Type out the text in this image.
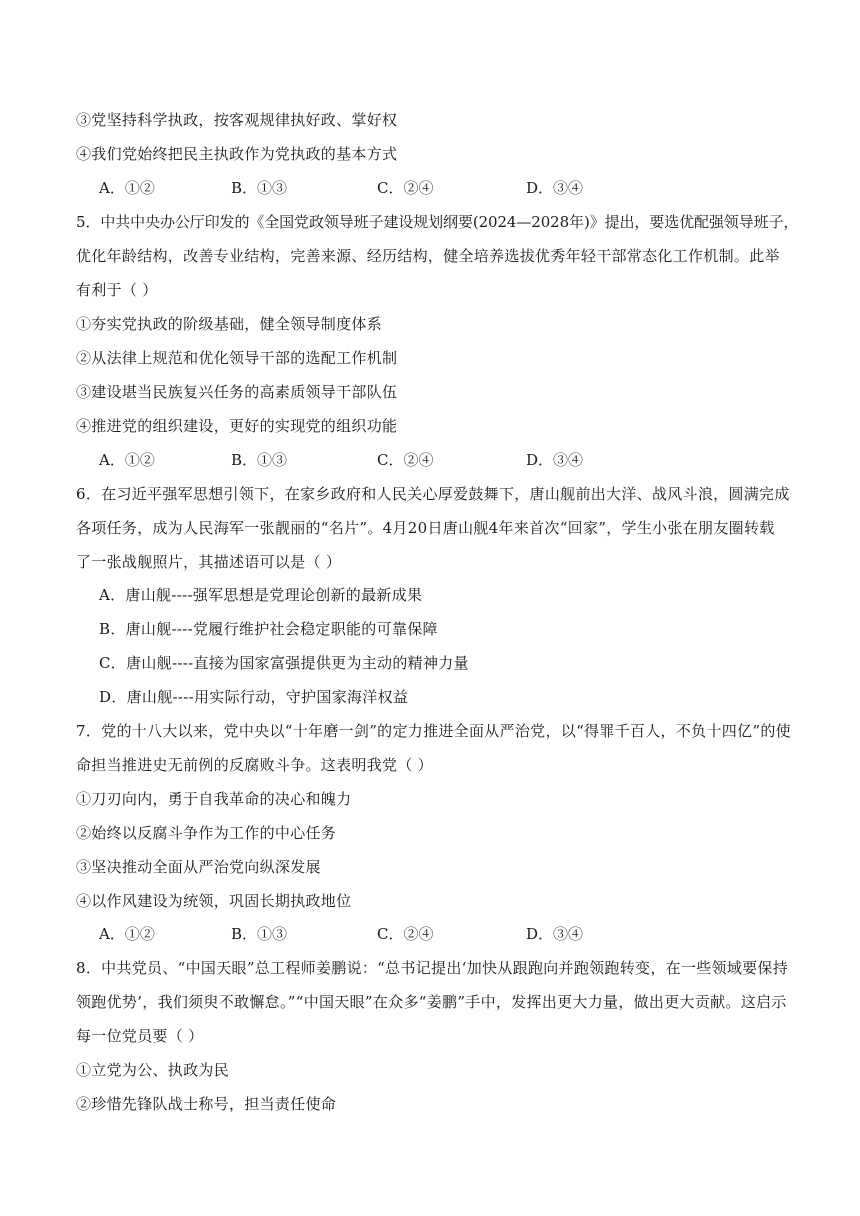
③党坚持科学执政，按客观规律执好政、掌好权
④我们党始终把民主执政作为党执政的基本方式
A．①②	B．①③	C．②④	D．③④
5．中共中央办公厅印发的《全国党政领导班子建设规划纲要(2024—2028年)》提出，要选优配强领导班子，
优化年龄结构，改善专业结构，完善来源、经历结构，健全培养选拔优秀年轻干部常态化工作机制。此举
有利于（ ）
①夯实党执政的阶级基础，健全领导制度体系
②从法律上规范和优化领导干部的选配工作机制
③建设堪当民族复兴任务的高素质领导干部队伍
④推进党的组织建设，更好的实现党的组织功能
A．①②	B．①③	C．②④	D．③④
6．在习近平强军思想引领下，在家乡政府和人民关心厚爱鼓舞下，唐山舰前出大洋、战风斗浪，圆满完成
各项任务，成为人民海军一张靓丽的“名片”。4月20日唐山舰4年来首次“回家”，学生小张在朋友圈转载
了一张战舰照片，其描述语可以是（ ）
A．唐山舰----强军思想是党理论创新的最新成果
B．唐山舰----党履行维护社会稳定职能的可靠保障
C．唐山舰----直接为国家富强提供更为主动的精神力量
D．唐山舰----用实际行动，守护国家海洋权益
7．党的十八大以来，党中央以“十年磨一剑”的定力推进全面从严治党，以“得罪千百人，不负十四亿”的使
命担当推进史无前例的反腐败斗争。这表明我党（ ）
①刀刃向内，勇于自我革命的决心和魄力
②始终以反腐斗争作为工作的中心任务
③坚决推动全面从严治党向纵深发展
④以作风建设为统领，巩固长期执政地位
A．①②	B．①③	C．②④	D．③④
8．中共党员、“中国天眼”总工程师姜鹏说：“总书记提出‘加快从跟跑向并跑领跑转变，在一些领域要保持
领跑优势’，我们须臾不敢懈怠。”“中国天眼”在众多“姜鹏”手中，发挥出更大力量，做出更大贡献。这启示
每一位党员要（ ）
①立党为公、执政为民
②珍惜先锋队战士称号，担当责任使命
